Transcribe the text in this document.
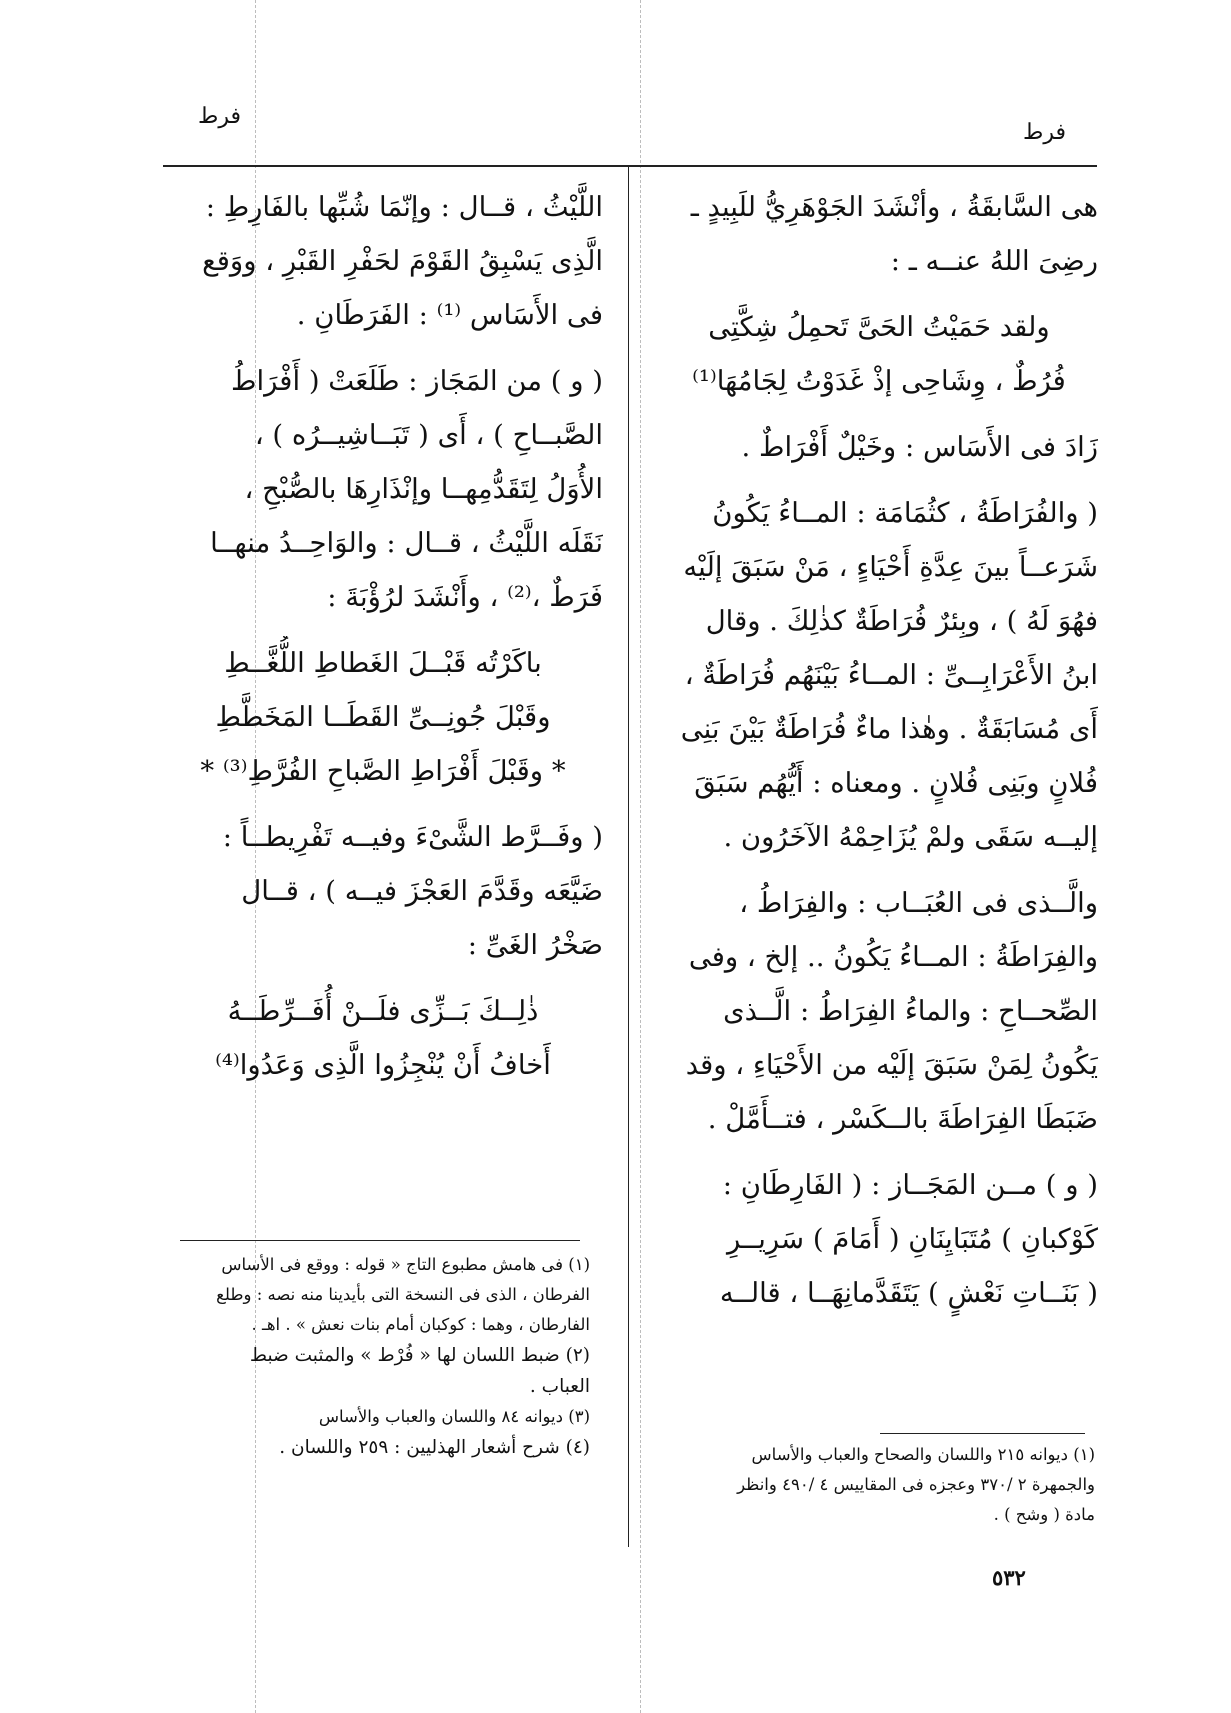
فرط
فرط
هى السَّابقَةُ ، وأنْشَدَ الجَوْهَرِيُّ للَبِيدٍ ـ
رضِىَ اللهُ عنــه ـ :
ولقد حَمَيْتُ الحَىَّ تَحمِلُ شِكَّتِى
فُرُطٌ ، وِشَاحِى إذْ غَدَوْتُ لِجَامُهَا⁽¹⁾
زَادَ فى الأَسَاس : وخَيْلٌ أَفْرَاطٌ .
( والفُرَاطَةُ ، كثُمَامَة : المــاءُ يَكُونُ
شَرَعــاً بينَ عِدَّةِ أَحْيَاءٍ ، مَنْ سَبَقَ إلَيْه
فهُوَ لَهُ ) ، وبِئرٌ فُرَاطَةٌ كذٰلِكَ . وقال
ابنُ الأَعْرَابِــىِّ : المــاءُ بَيْنَهُم فُرَاطَةٌ ،
أَى مُسَابَقَةٌ . وهٰذا ماءٌ فُرَاطَةٌ بَيْنَ بَنِى
فُلانٍ وبَنِى فُلانٍ . ومعناه : أَيُّهُم سَبَقَ
إليــه سَقَى ولمْ يُزَاحِمْهُ الآخَرُون .
والَّــذى فى العُبَــاب : والفِرَاطُ ،
والفِرَاطَةُ : المــاءُ يَكُونُ .. إلخ ، وفى
الصِّحــاحِ : والماءُ الفِرَاطُ : الَّــذى
يَكُونُ لِمَنْ سَبَقَ إلَيْه من الأَحْيَاءِ ، وقد
ضَبَطَا الفِرَاطَةَ بالــكَسْر ، فتــأَمَّلْ .
( و ) مــن المَجَــاز : ( الفَارِطَانِ :
كَوْكبانِ ) مُتَبَايِنَانِ ( أَمَامَ ) سَرِيــرِ
( بَنَــاتِ نَعْشٍ ) يَتَقَدَّمانِهَــا ، قالــه
اللَّيْثُ ، قــال : وإنّمَا شُبِّها بالفَارِطِ :
الَّذِى يَسْبِقُ القَوْمَ لحَفْرِ القَبْرِ ، ووَقع
فى الأَسَاس ⁽¹⁾ : الفَرَطَانِ .
( و ) من المَجَاز : طَلَعَتْ ( أَفْرَاطُ
الصَّبــاحِ ) ، أَى ( تَبَــاشِيــرُه ) ،
الأُوَلُ لِتَقَدُّمِهــا وإنْذَارِهَا بالصُّبْحِ ،
نَقَلَه اللَّيْثُ ، قــال : والوَاحِــدُ منهــا
فَرَطٌ ،⁽²⁾ ، وأَنْشَدَ لرُؤْبَةَ :
باكَرْتُه قَبْــلَ الغَطاطِ اللُّغَّــطِ
وقَبْلَ جُونِــىِّ القَطَــا المَخَطَّطِ
* وقَبْلَ أَفْرَاطِ الصَّباحِ الفُرَّطِ⁽³⁾ *
( وفَــرَّط الشَّىْءَ وفيــه تَفْرِيطــاً :
ضَيَّعَه وقَدَّمَ العَجْزَ فيــه ) ، قــال
صَخْرُ الغَىِّ :
ذٰلِــكَ بَــزِّى فلَــنْ أُفَــرِّطَــهُ
أَخافُ أَنْ يُنْجِزُوا الَّذِى وَعَدُوا⁽⁴⁾
(١) فى هامش مطبوع التاج « قوله : ووقع فى الأساس
الفرطان ، الذى فى النسخة التى بأيدينا منه نصه : وطلع
الفارطان ، وهما : كوكبان أمام بنات نعش » . اهـ .
(٢) ضبط اللسان لها « فُرْط » والمثبت ضبط
العباب .
(٣) ديوانه ٨٤ واللسان والعباب والأساس
(٤) شرح أشعار الهذليين : ٢٥٩ واللسان .	(١) ديوانه ٢١٥ واللسان والصحاح والعباب والأساس
والجمهرة ٢ /٣٧٠ وعجزه فى المقاييس ٤ /٤٩٠ وانظر
مادة ( وشح ) .
٥٣٢
